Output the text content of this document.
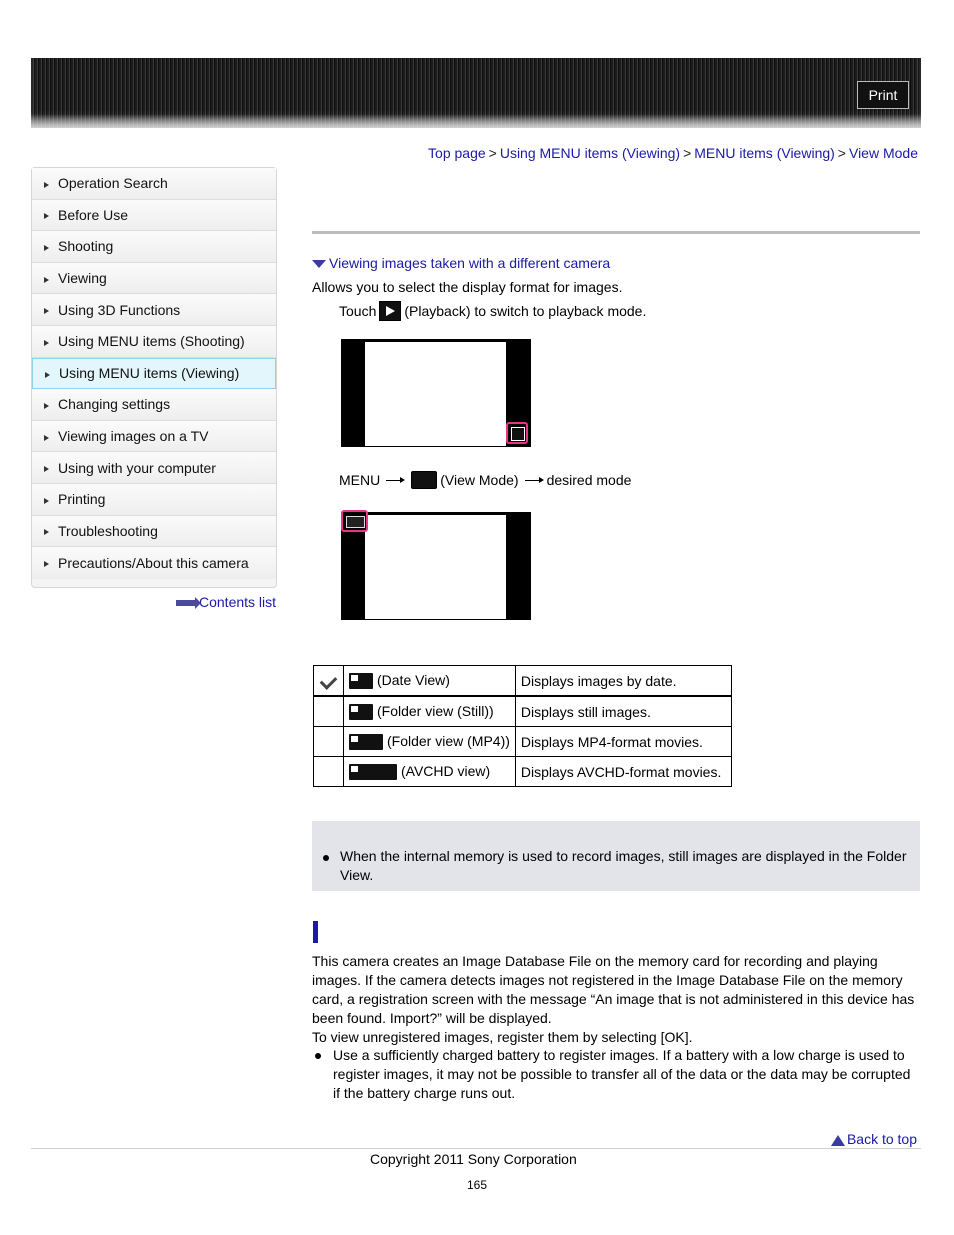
Print
Top page > Using MENU items (Viewing) > MENU items (Viewing) > View Mode
Operation Search
Before Use
Shooting
Viewing
Using 3D Functions
Using MENU items (Shooting)
Using MENU items (Viewing)
Changing settings
Viewing images on a TV
Using with your computer
Printing
Troubleshooting
Precautions/About this camera
Contents list
Viewing images taken with a different camera
Allows you to select the display format for images.
Touch (Playback) to switch to playback mode.
MENU	(View Mode) desired mode
	(Date View)	Displays images by date.
	(Folder view (Still))	Displays still images.
	(Folder view (MP4))	Displays MP4-format movies.
	(AVCHD view)	Displays AVCHD-format movies.
When the internal memory is used to record images, still images are displayed in the Folder View.

This camera creates an Image Database File on the memory card for recording and playing images. If the camera detects images not registered in the Image Database File on the memory card, a registration screen with the message “An image that is not administered in this device has been found. Import?” will be displayed.

To view unregistered images, register them by selecting [OK].

Use a sufficiently charged battery to register images. If a battery with a low charge is used to register images, it may not be possible to transfer all of the data or the data may be corrupted if the battery charge runs out.
Back to top
Copyright 2011 Sony Corporation
165
